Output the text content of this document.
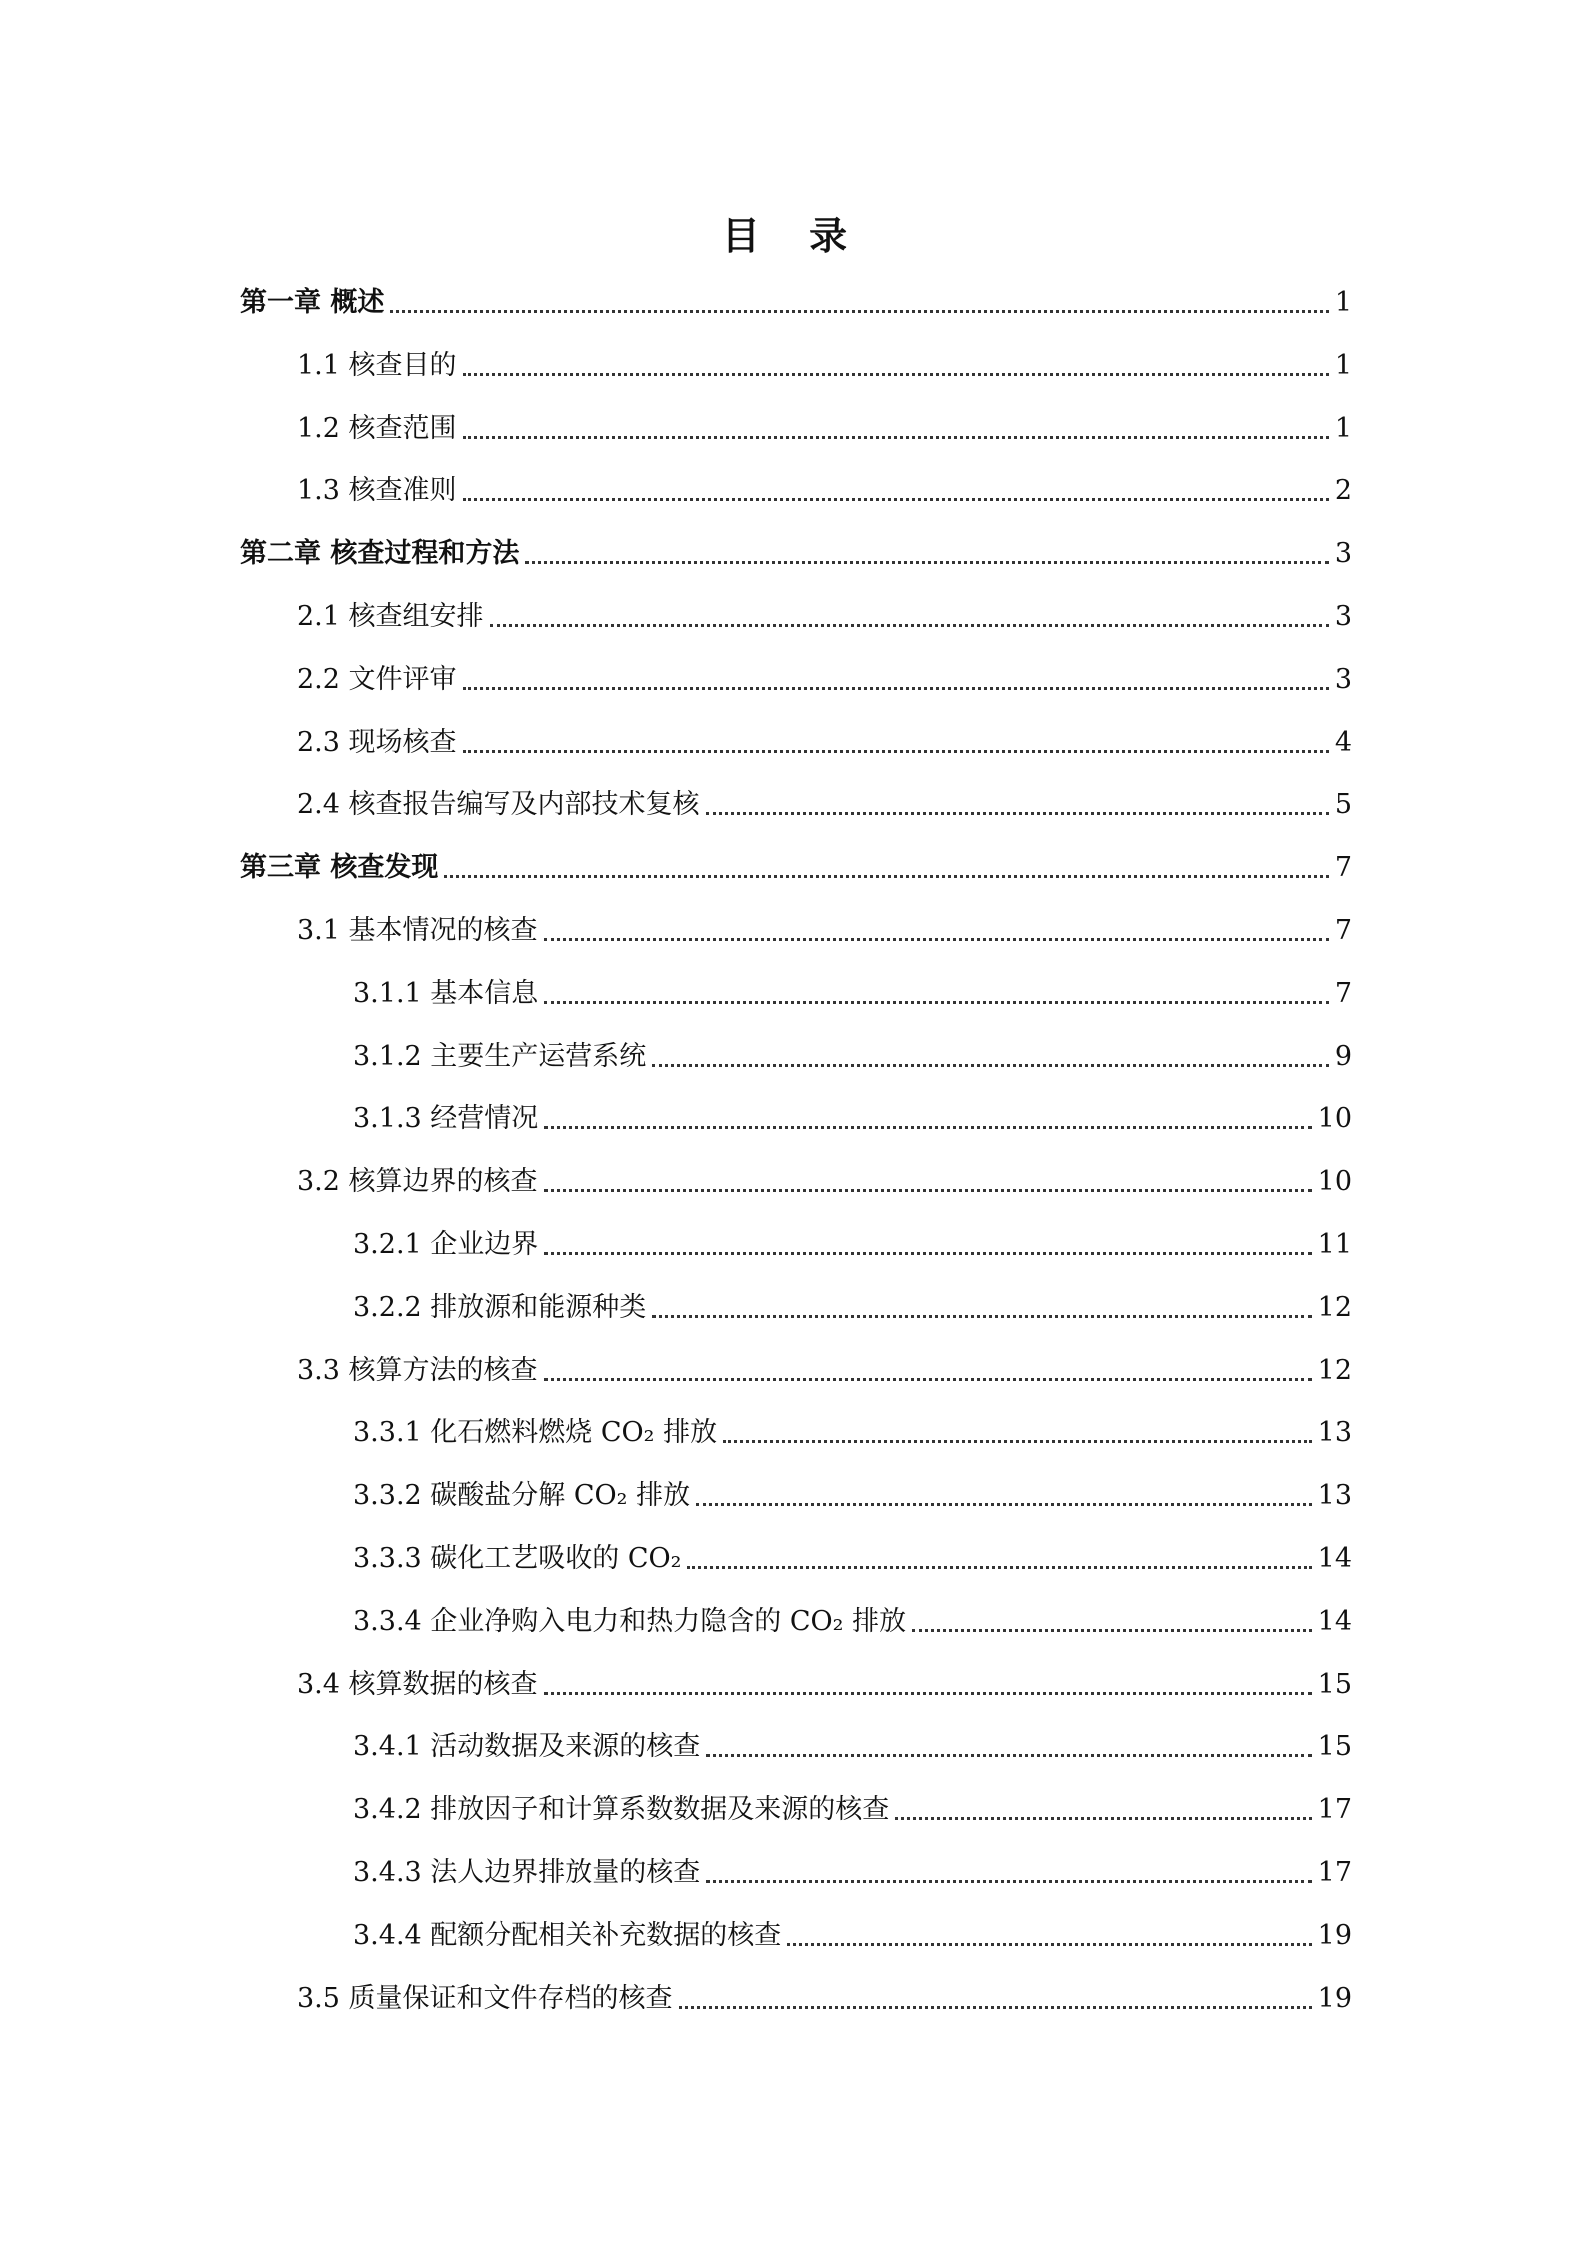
目 录
第一章 概述	1
1.1 核查目的	1
1.2 核查范围	1
1.3 核查准则	2
第二章 核查过程和方法	3
2.1 核查组安排	3
2.2 文件评审	3
2.3 现场核查	4
2.4 核查报告编写及内部技术复核	5
第三章 核查发现	7
3.1 基本情况的核查	7
3.1.1 基本信息	7
3.1.2 主要生产运营系统	9
3.1.3 经营情况	10
3.2 核算边界的核查	10
3.2.1 企业边界	11
3.2.2 排放源和能源种类	12
3.3 核算方法的核查	12
3.3.1 化石燃料燃烧 CO₂ 排放	13
3.3.2 碳酸盐分解 CO₂ 排放	13
3.3.3 碳化工艺吸收的 CO₂	14
3.3.4 企业净购入电力和热力隐含的 CO₂ 排放	14
3.4 核算数据的核查	15
3.4.1 活动数据及来源的核查	15
3.4.2 排放因子和计算系数数据及来源的核查	17
3.4.3 法人边界排放量的核查	17
3.4.4 配额分配相关补充数据的核查	19
3.5 质量保证和文件存档的核查	19
